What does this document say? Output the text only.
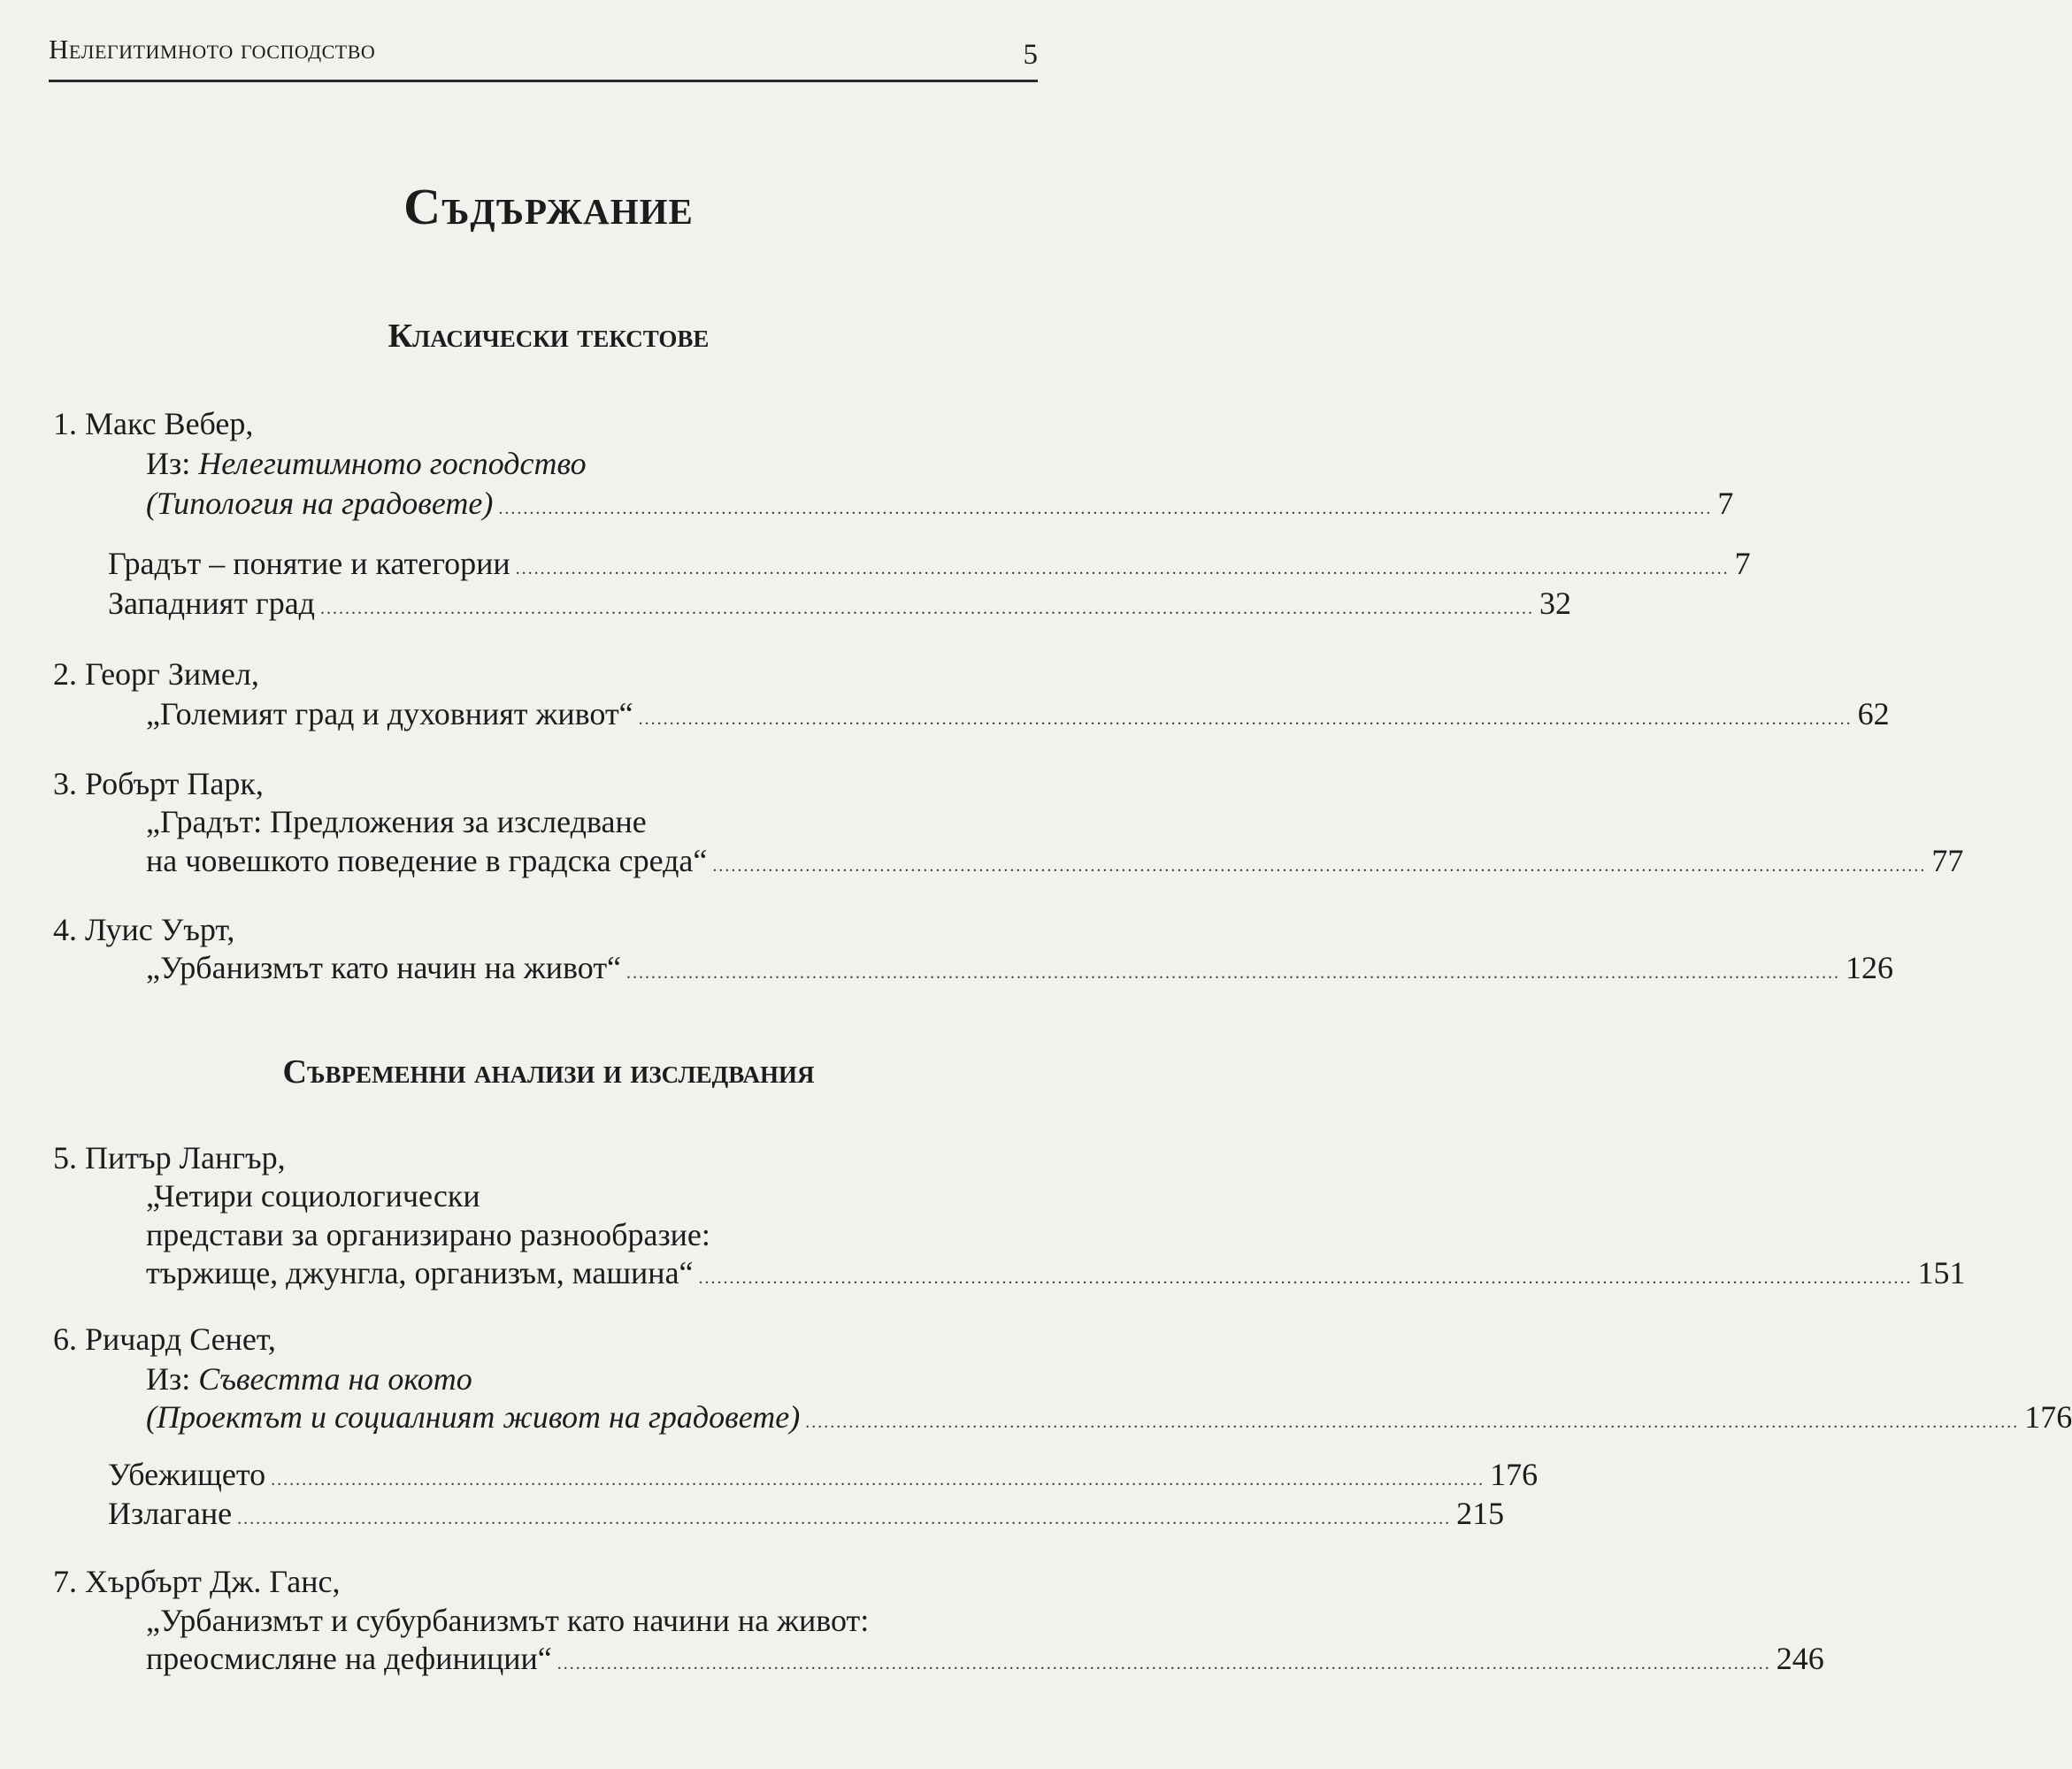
Нелегитимното господство	5
Съдържание
Класически текстове
1. Макс Вебер,
Из: Нелегитимното господство
(Типология на градовете) .................................................................................................................................................................................................... 7
Градът – понятие и категории .................................................................................................................................................................................................... 7
Западният град .................................................................................................................................................................................................... 32
2. Георг Зимел,
„Големият град и духовният живот“ .................................................................................................................................................................................................... 62
3. Робърт Парк,
„Градът: Предложения за изследване
на човешкото поведение в градска среда“ .................................................................................................................................................................................................... 77
4. Луис Уърт,
„Урбанизмът като начин на живот“ .................................................................................................................................................................................................... 126
Съвременни анализи и изследвания
5. Питър Лангър,
„Четири социологически
представи за организирано разнообразие:
тържище, джунгла, организъм, машина“ .................................................................................................................................................................................................... 151
6. Ричард Сенет,
Из: Съвестта на окото
(Проектът и социалният живот на градовете) .................................................................................................................................................................................................... 176
Убежището .................................................................................................................................................................................................... 176
Излагане .................................................................................................................................................................................................... 215
7. Хърбърт Дж. Ганс,
„Урбанизмът и субурбанизмът като начини на живот:
преосмисляне на дефиниции“ .................................................................................................................................................................................................... 246
